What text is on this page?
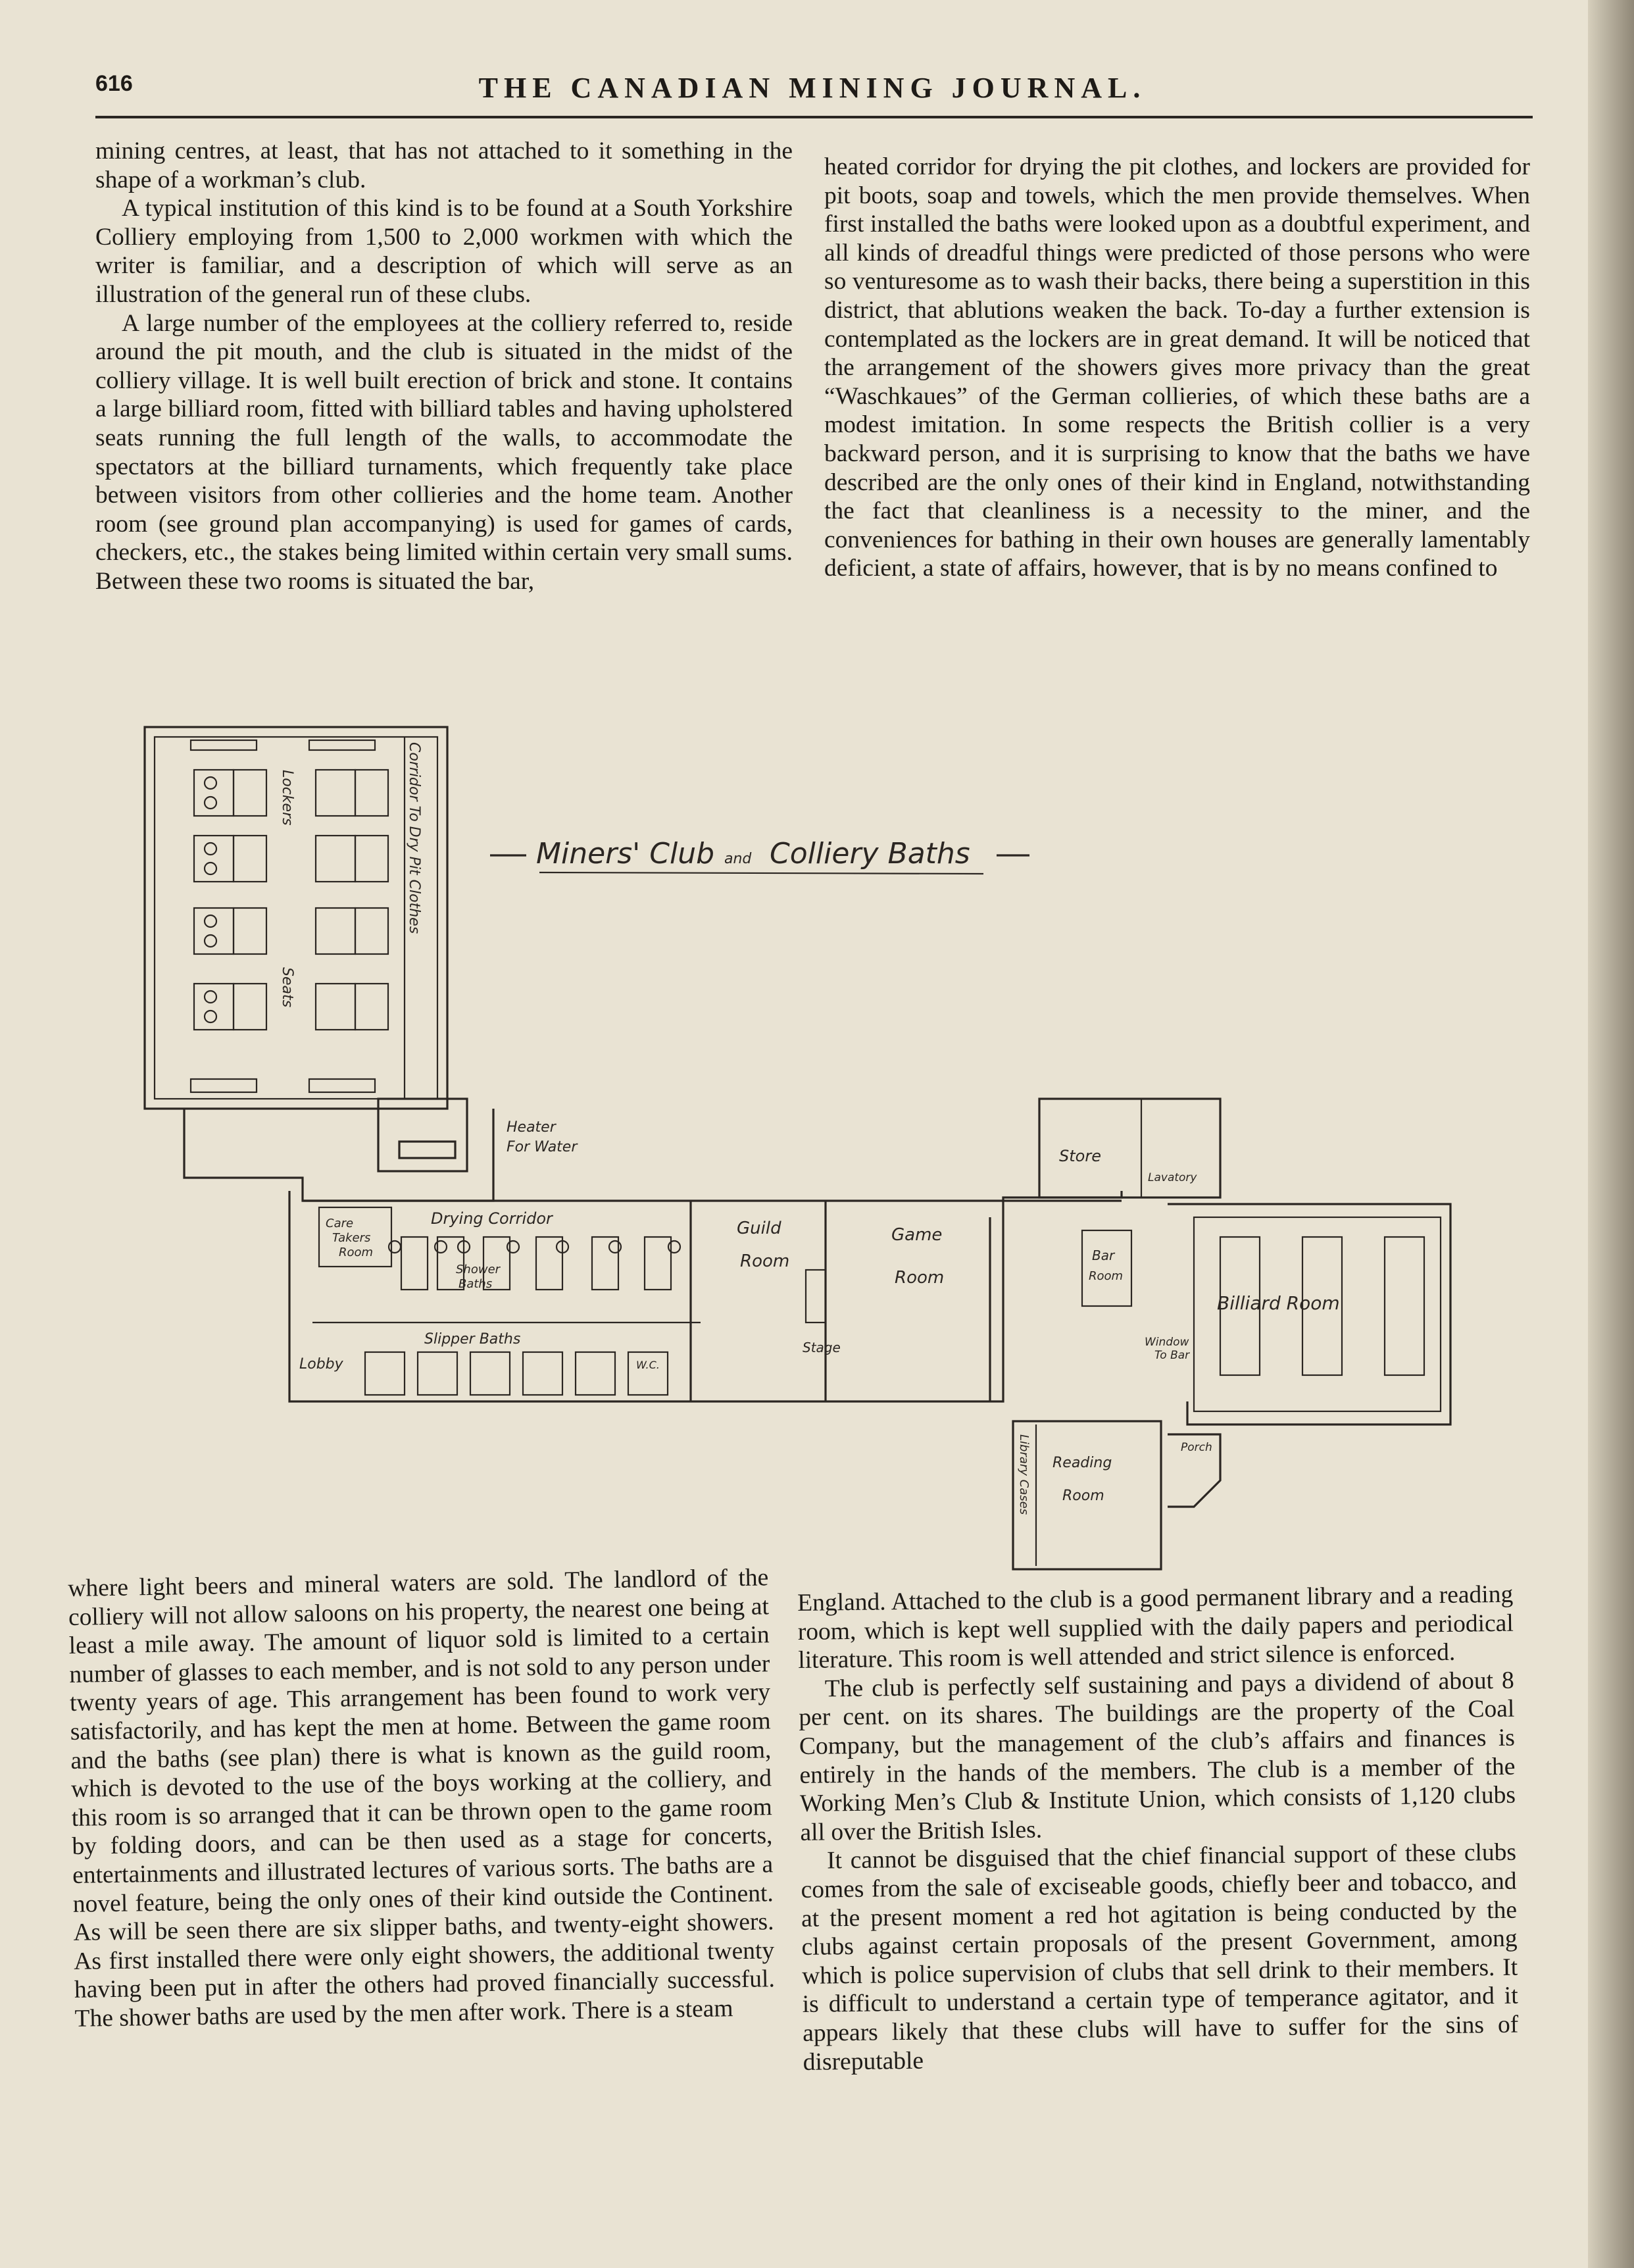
616	THE CANADIAN MINING JOURNAL.

mining centres, at least, that has not attached to it something in the shape of a workman’s club.

A typical institution of this kind is to be found at a South Yorkshire Colliery employing from 1,500 to 2,000 workmen with which the writer is familiar, and a description of which will serve as an illustration of the general run of these clubs.

A large number of the employees at the colliery referred to, reside around the pit mouth, and the club is situated in the midst of the colliery village. It is well built erection of brick and stone. It contains a large billiard room, fitted with billiard tables and having upholstered seats running the full length of the walls, to accommodate the spectators at the billiard turnaments, which frequently take place between visitors from other collieries and the home team. Another room (see ground plan accompanying) is used for games of cards, checkers, etc., the stakes being limited within certain very small sums. Between these two rooms is situated the bar,

heated corridor for drying the pit clothes, and lockers are provided for pit boots, soap and towels, which the men provide themselves. When first installed the baths were looked upon as a doubtful experiment, and all kinds of dreadful things were predicted of those persons who were so venturesome as to wash their backs, there being a superstition in this district, that ablutions weaken the back. To-day a further extension is contemplated as the lockers are in great demand. It will be noticed that the arrangement of the showers gives more privacy than the great “Waschkaues” of the German collieries, of which these baths are a modest imitation. In some respects the British collier is a very backward person, and it is surprising to know that the baths we have described are the only ones of their kind in England, notwithstanding the fact that cleanliness is a necessity to the miner, and the conveniences for bathing in their own houses are generally lamentably deficient, a state of affairs, however, that is by no means confined to

Miners' Club and Colliery Baths
Corridor To Dry Pit Clothes
Lockers
Seats
Heater
For Water
Care
Takers
Room
Drying Corridor
Shower
Baths
Slipper Baths
Lobby	W.C.
Guild
Room
Game
Room
Stage
Store
Lavatory
Bar
Room
Window
To Bar
Billiard Room
Library Cases Reading
Room
Porch

where light beers and mineral waters are sold. The landlord of the colliery will not allow saloons on his property, the nearest one being at least a mile away. The amount of liquor sold is limited to a certain number of glasses to each member, and is not sold to any person under twenty years of age. This arrangement has been found to work very satisfactorily, and has kept the men at home. Between the game room and the baths (see plan) there is what is known as the guild room, which is devoted to the use of the boys working at the colliery, and this room is so arranged that it can be thrown open to the game room by folding doors, and can be then used as a stage for concerts, entertainments and illustrated lectures of various sorts. The baths are a novel feature, being the only ones of their kind outside the Continent. As will be seen there are six slipper baths, and twenty-eight showers. As first installed there were only eight showers, the additional twenty having been put in after the others had proved financially successful. The shower baths are used by the men after work. There is a steam

England. Attached to the club is a good permanent library and a reading room, which is kept well supplied with the daily papers and periodical literature. This room is well attended and strict silence is enforced.

The club is perfectly self sustaining and pays a dividend of about 8 per cent. on its shares. The buildings are the property of the Coal Company, but the management of the club’s affairs and finances is entirely in the hands of the members. The club is a member of the Working Men’s Club & Institute Union, which consists of 1,120 clubs all over the British Isles.

It cannot be disguised that the chief financial support of these clubs comes from the sale of exciseable goods, chiefly beer and tobacco, and at the present moment a red hot agitation is being conducted by the clubs against certain proposals of the present Government, among which is police supervision of clubs that sell drink to their members. It is difficult to understand a certain type of temperance agitator, and it appears likely that these clubs will have to suffer for the sins of disreputable
